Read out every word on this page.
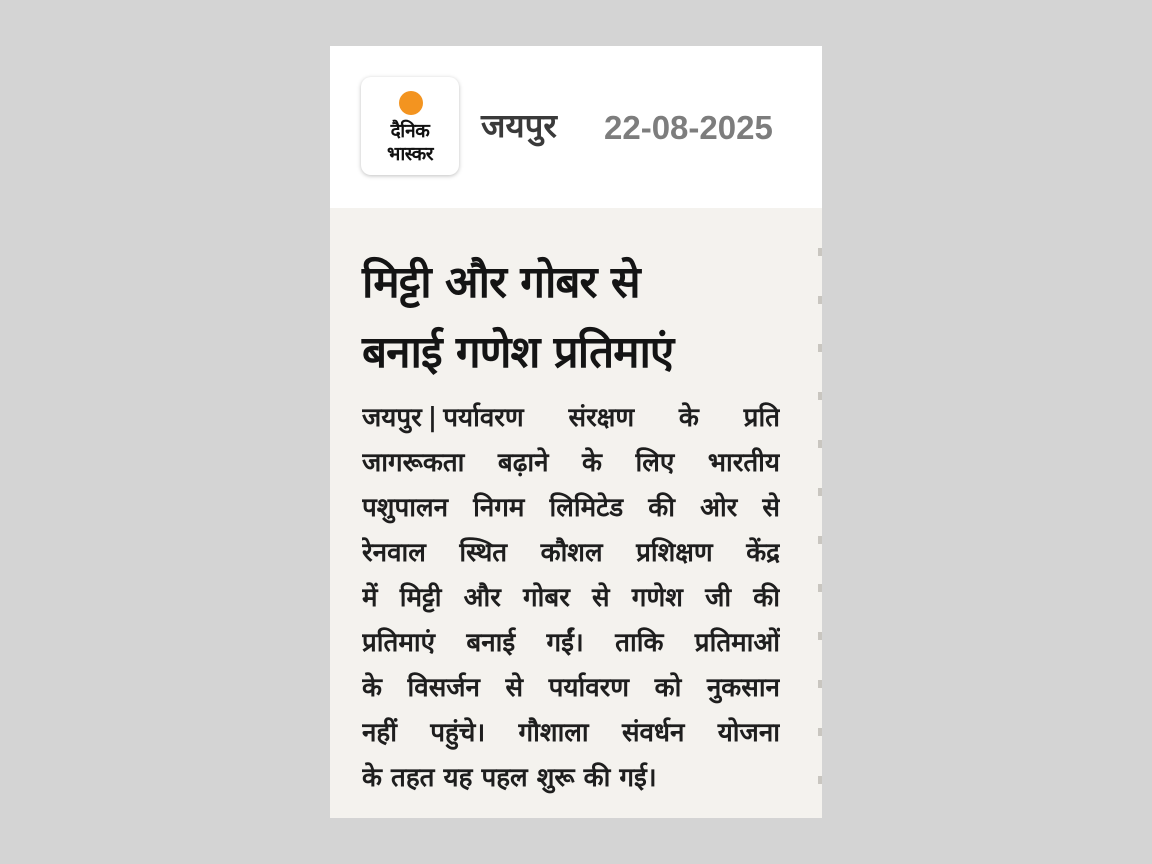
दैनिक
भास्कर
जयपुर 22-08-2025
मिट्टी और गोबर से
बनाई गणेश प्रतिमाएं
जयपुर | पर्यावरण संरक्षण के प्रति
जागरूकता बढ़ाने के लिए भारतीय
पशुपालन निगम लिमिटेड की ओर से
रेनवाल स्थित कौशल प्रशिक्षण केंद्र
में मिट्टी और गोबर से गणेश जी की
प्रतिमाएं बनाई गईं। ताकि प्रतिमाओं
के विसर्जन से पर्यावरण को नुकसान
नहीं पहुंचे। गौशाला संवर्धन योजना
के तहत यह पहल शुरू की गई।
